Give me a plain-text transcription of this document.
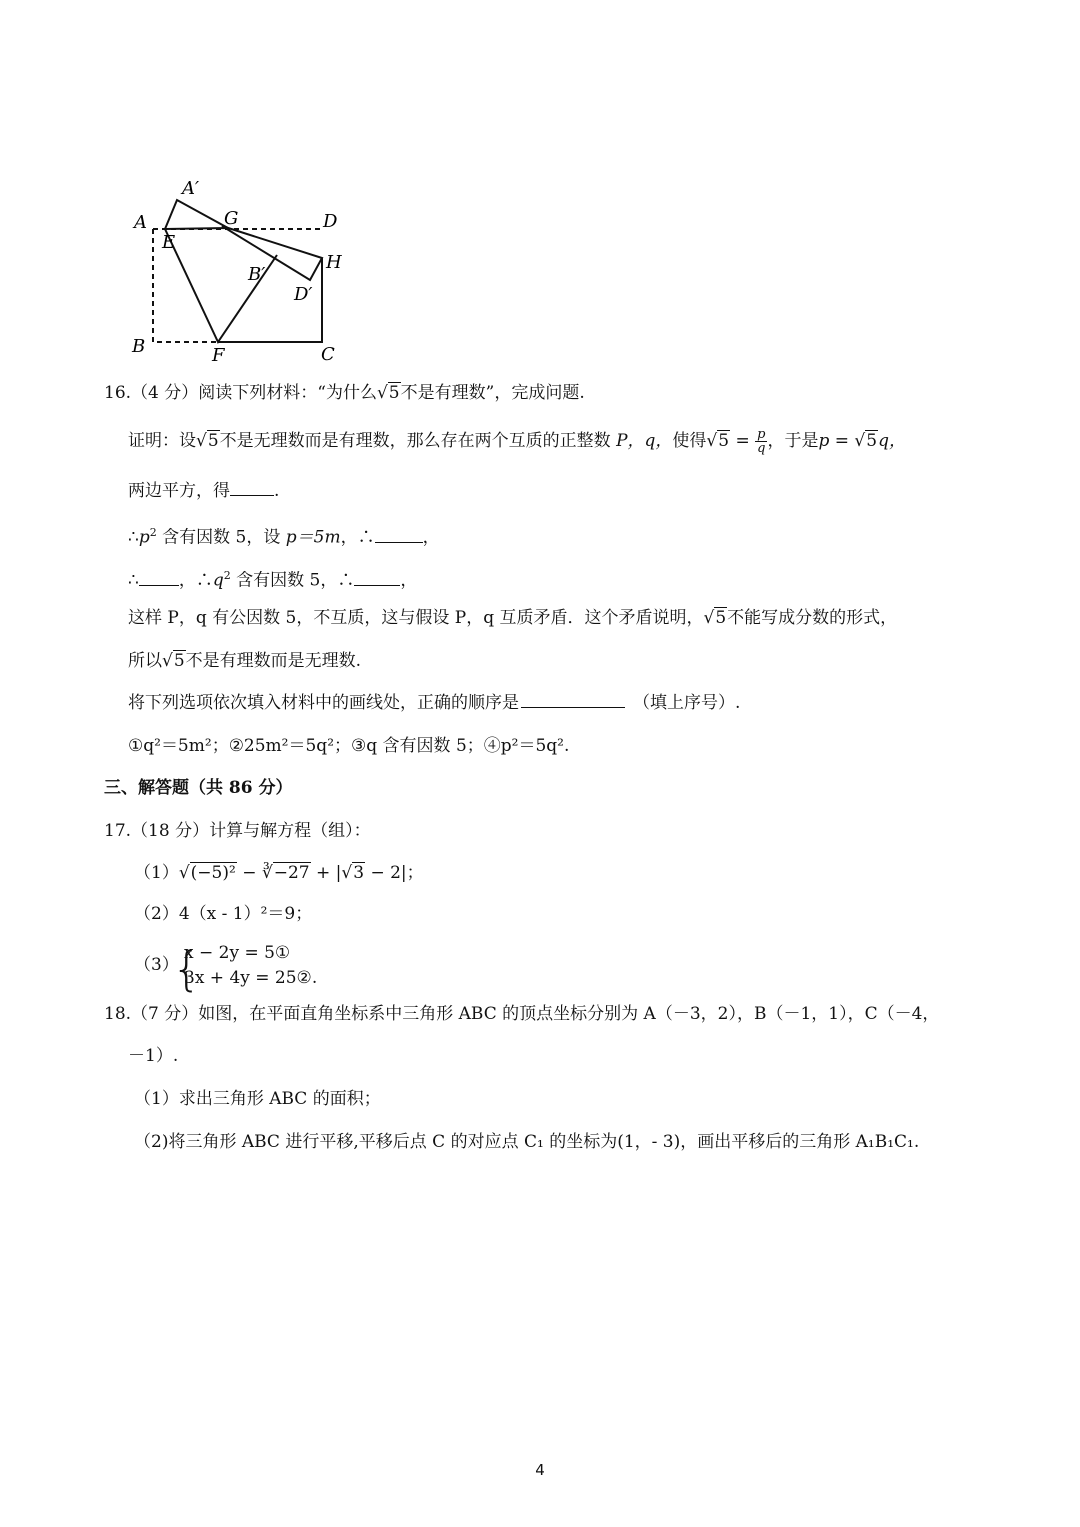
A′
A	G	D
E
H
B′
D′
B	F	C
16.（4 分）阅读下列材料：“为什么√5不是有理数”，完成问题.
证明：设√5不是无理数而是有理数，那么存在两个互质的正整数 P，q，使得$√5 = \frac{p}{q}$ ，于是p = √5q，
两边平方，得	.
$\therefore p^2$ 含有因数 5，设 p＝5m，∴	，
∴ ，$\therefore q^2$ 含有因数 5，∴	，
这样 P，q 有公因数 5，不互质，这与假设 P，q 互质矛盾．这个矛盾说明，√5不能写成分数的形式，
所以√5不是有理数而是无理数.
将下列选项依次填入材料中的画线处，正确的顺序是	（填上序号）.
①q²＝5m²；②25m²＝5q²；③q 含有因数 5；④p²＝5q².
三、解答题（共 86 分）
17.（18 分）计算与解方程（组）：
（1）√(−5)² − ∛−27 + |√3 − 2|；
（2）4（x - 1）²＝9；
（3）
{
x − 2y = 5①
3x + 4y = 25②.
18.（7 分）如图，在平面直角坐标系中三角形 ABC 的顶点坐标分别为 A（－3，2），B（－1，1），C（－4，
－1）.
（1）求出三角形 ABC 的面积；
（2)将三角形 ABC 进行平移,平移后点 C 的对应点 C₁ 的坐标为(1，- 3)，画出平移后的三角形 A₁B₁C₁.
4
